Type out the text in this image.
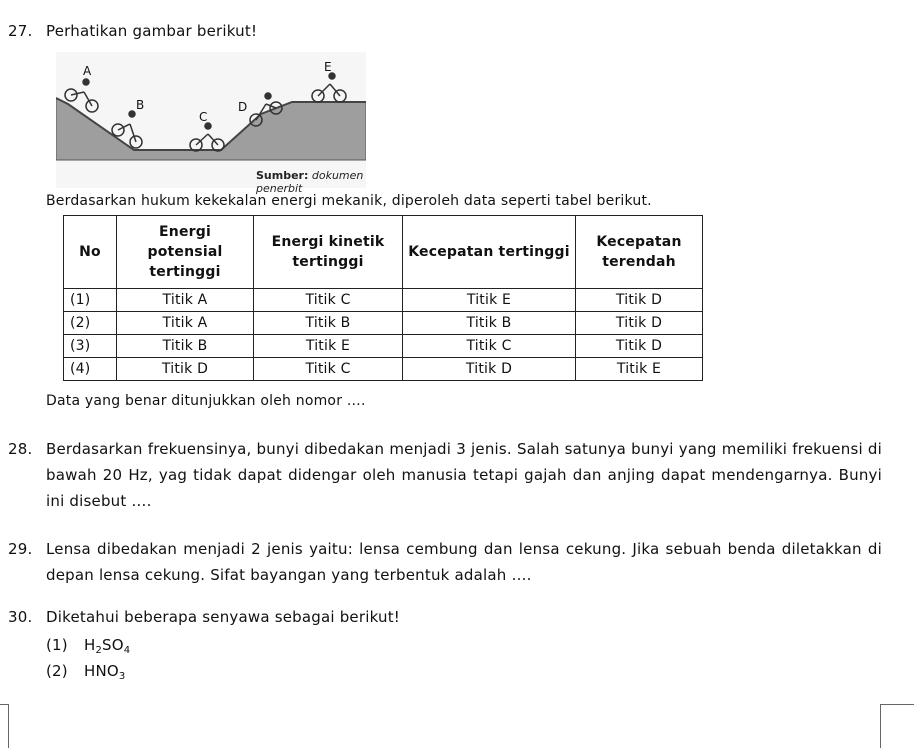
27. Perhatikan gambar berikut!
A
B
C
D
E
Sumber: dokumen penerbit
Berdasarkan hukum kekekalan energi mekanik, diperoleh data seperti tabel berikut.
No	Energi potensial tertinggi	Energi kinetik tertinggi	Kecepatan tertinggi	Kecepatan terendah
(1)	Titik A	Titik C	Titik E	Titik D
(2)	Titik A	Titik B	Titik B	Titik D
(3)	Titik B	Titik E	Titik C	Titik D
(4)	Titik D	Titik C	Titik D	Titik E
Data yang benar ditunjukkan oleh nomor ….
28. Berdasarkan frekuensinya, bunyi dibedakan menjadi 3 jenis. Salah satunya bunyi yang memiliki frekuensi di bawah 20 Hz, yag tidak dapat didengar oleh manusia tetapi gajah dan anjing dapat mendengarnya. Bunyi ini disebut ….
29. Lensa dibedakan menjadi 2 jenis yaitu: lensa cembung dan lensa cekung. Jika sebuah benda diletakkan di depan lensa cekung. Sifat bayangan yang terbentuk adalah ….
30. Diketahui beberapa senyawa sebagai berikut!
(1) $H_2SO_4$
(2) $HNO_3$
